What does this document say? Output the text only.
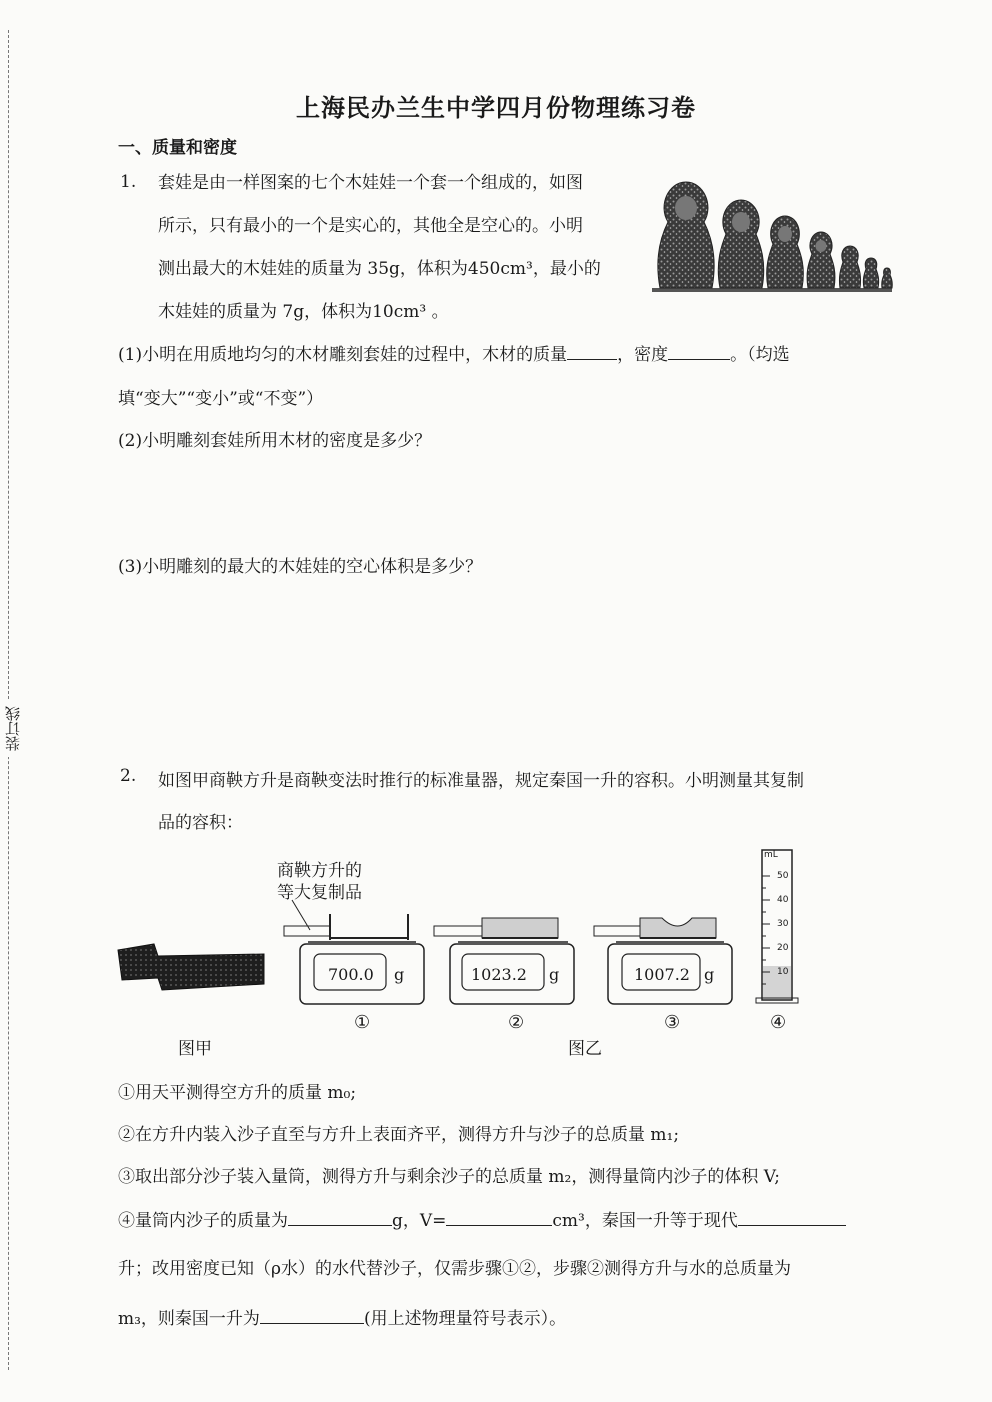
装订线
上海民办兰生中学四月份物理练习卷
一、质量和密度
1. 套娃是由一样图案的七个木娃娃一个套一个组成的，如图
所示，只有最小的一个是实心的，其他全是空心的。小明
测出最大的木娃娃的质量为 35g，体积为450cm³，最小的
木娃娃的质量为 7g，体积为10cm³ 。
(1)小明在用质地均匀的木材雕刻套娃的过程中，木材的质量	，密度	。（均选
填“变大”“变小”或“不变”）
(2)小明雕刻套娃所用木材的密度是多少？
(3)小明雕刻的最大的木娃娃的空心体积是多少？
2. 如图甲商鞅方升是商鞅变法时推行的标准量器，规定秦国一升的容积。小明测量其复制
品的容积：
图甲
商鞅方升的
等大复制品
700.0 g	1023.2 g	1007.2 g
mL
50
40
30
20
10
①	②	③	④
图乙
①用天平测得空方升的质量 m₀;
②在方升内装入沙子直至与方升上表面齐平，测得方升与沙子的总质量 m₁;
③取出部分沙子装入量筒，测得方升与剩余沙子的总质量 m₂，测得量筒内沙子的体积 V;
④量筒内沙子的质量为	g，V=	cm³，秦国一升等于现代
升；改用密度已知（ρ水）的水代替沙子，仅需步骤①②，步骤②测得方升与水的总质量为
m₃，则秦国一升为	(用上述物理量符号表示）。
